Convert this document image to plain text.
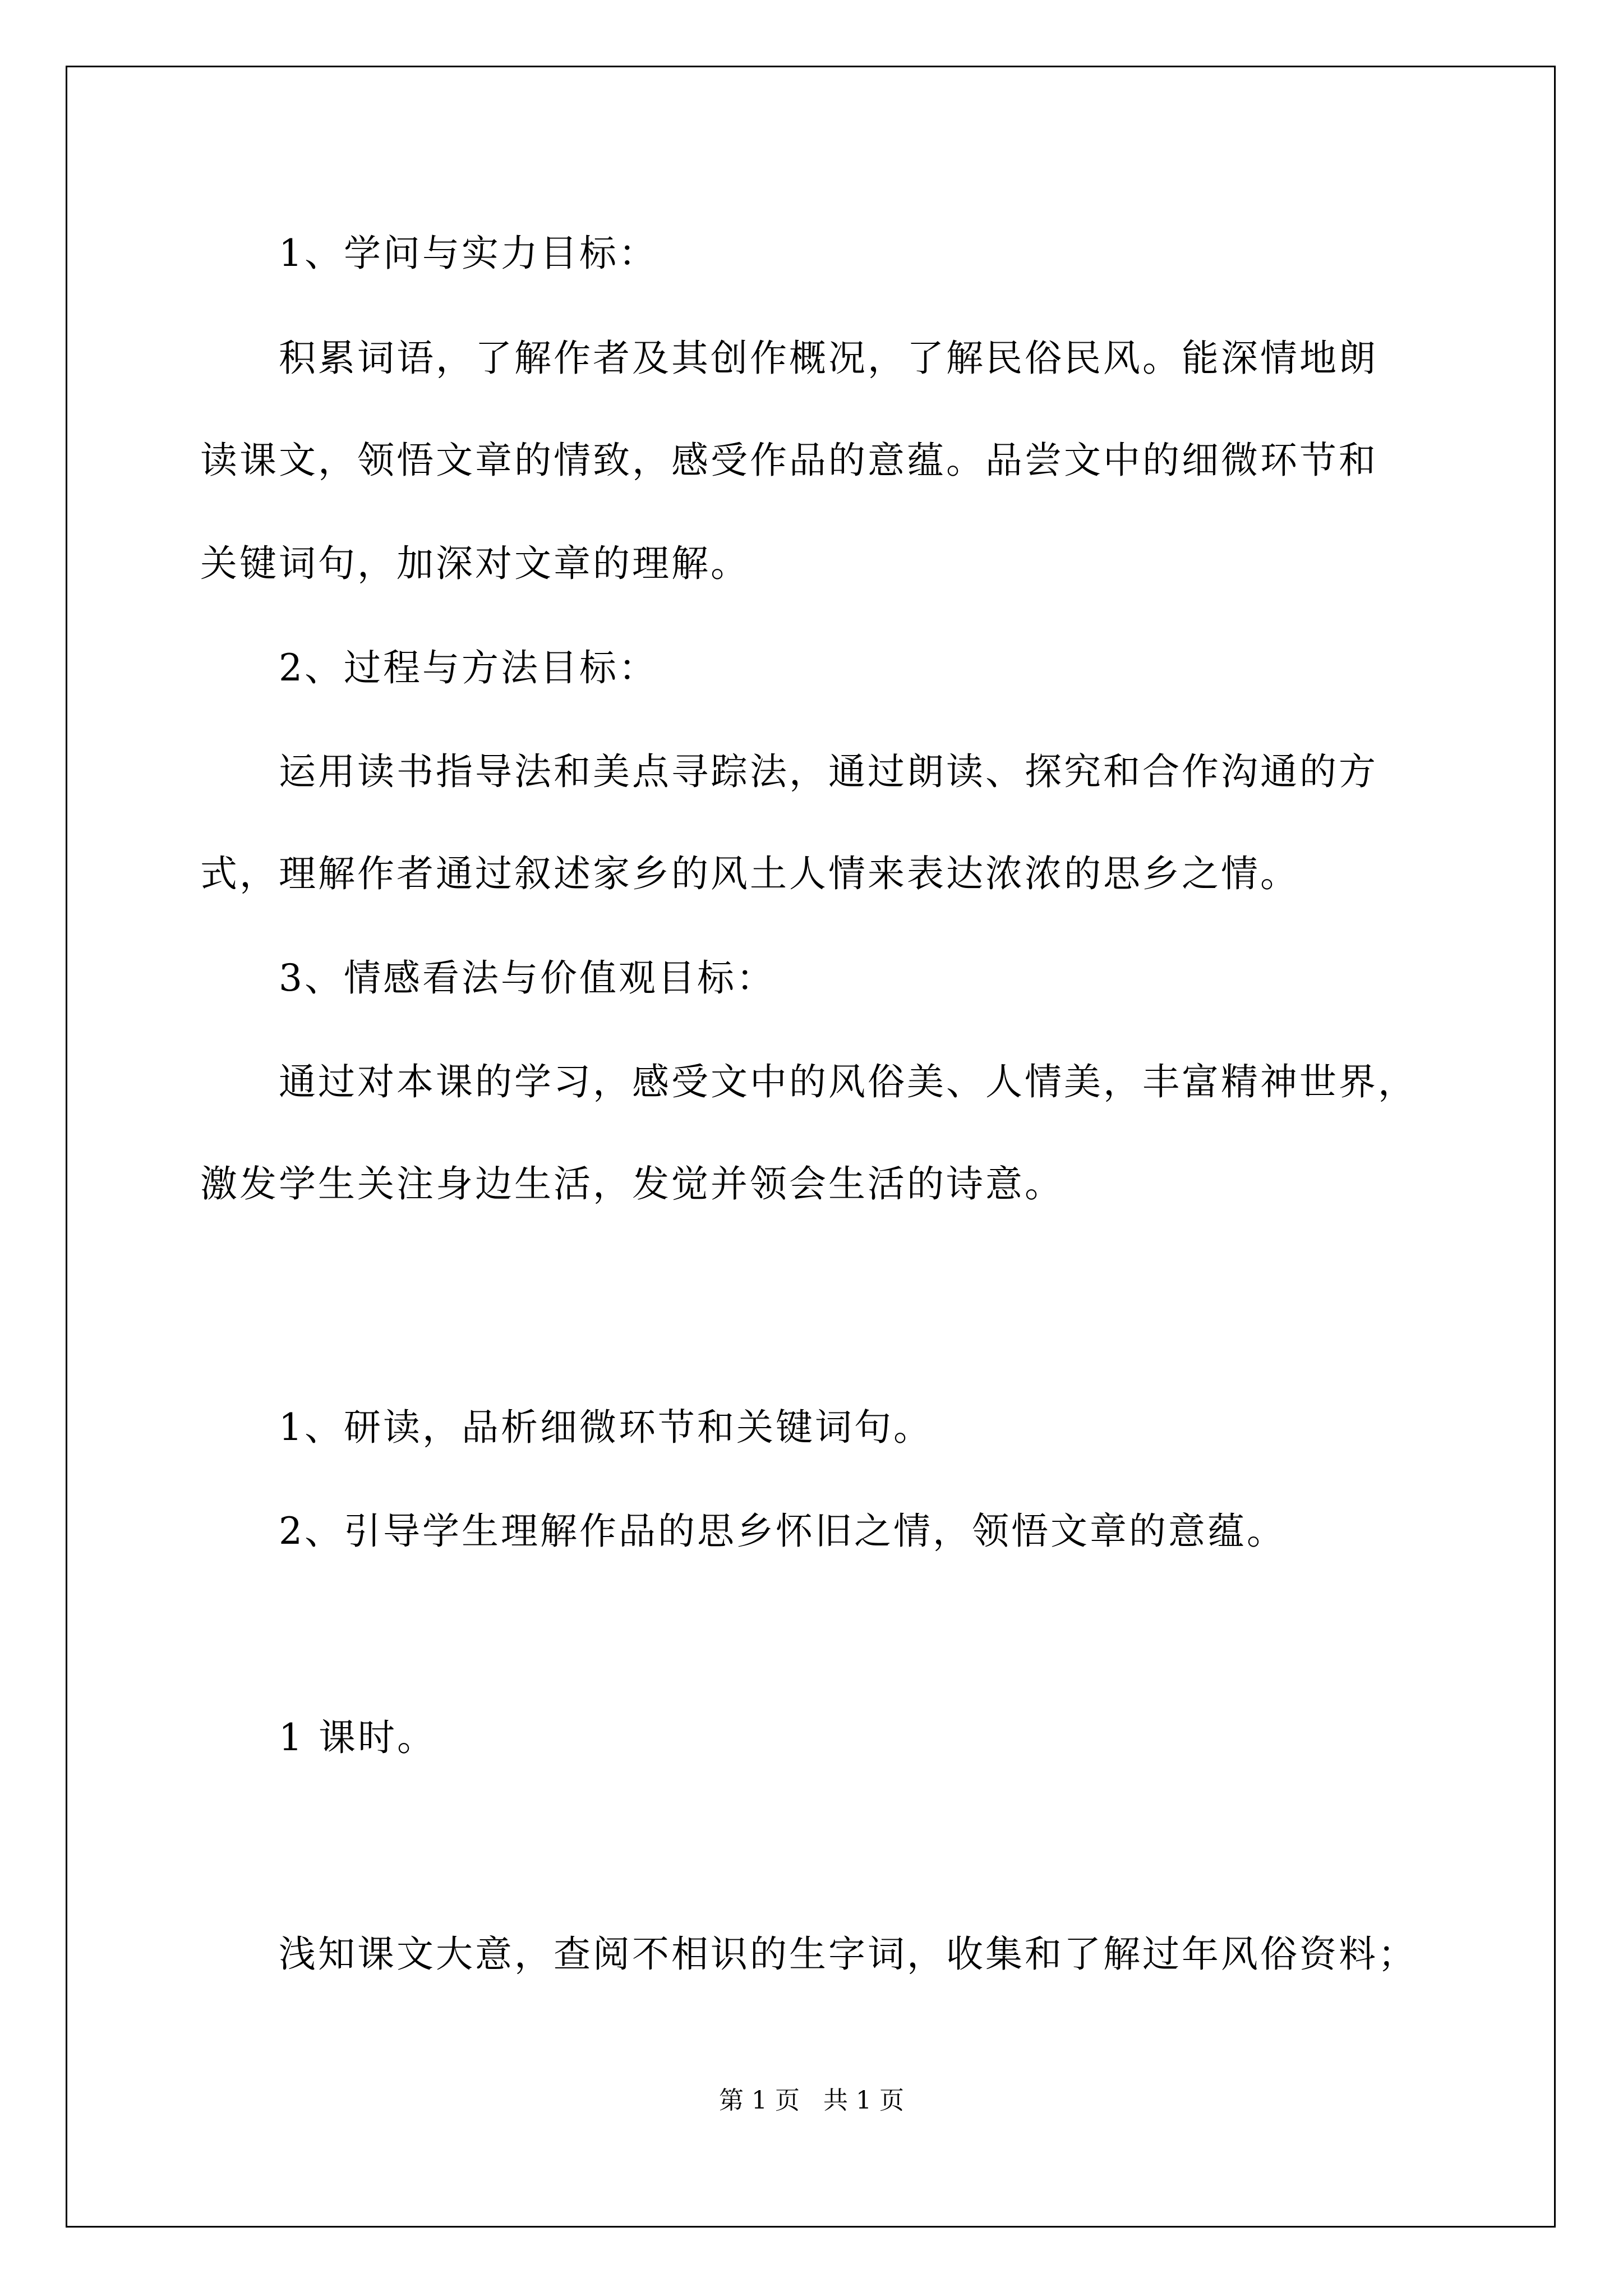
1、学问与实力目标：
积累词语，了解作者及其创作概况，了解民俗民风。能深情地朗
读课文，领悟文章的情致，感受作品的意蕴。品尝文中的细微环节和
关键词句，加深对文章的理解。
2、过程与方法目标：
运用读书指导法和美点寻踪法，通过朗读、探究和合作沟通的方
式，理解作者通过叙述家乡的风土人情来表达浓浓的思乡之情。
3、情感看法与价值观目标：
通过对本课的学习，感受文中的风俗美、人情美，丰富精神世界，
激发学生关注身边生活，发觉并领会生活的诗意。
1、研读，品析细微环节和关键词句。
2、引导学生理解作品的思乡怀旧之情，领悟文章的意蕴。
1 课时。
浅知课文大意，查阅不相识的生字词，收集和了解过年风俗资料；
第 1 页   共 1 页
